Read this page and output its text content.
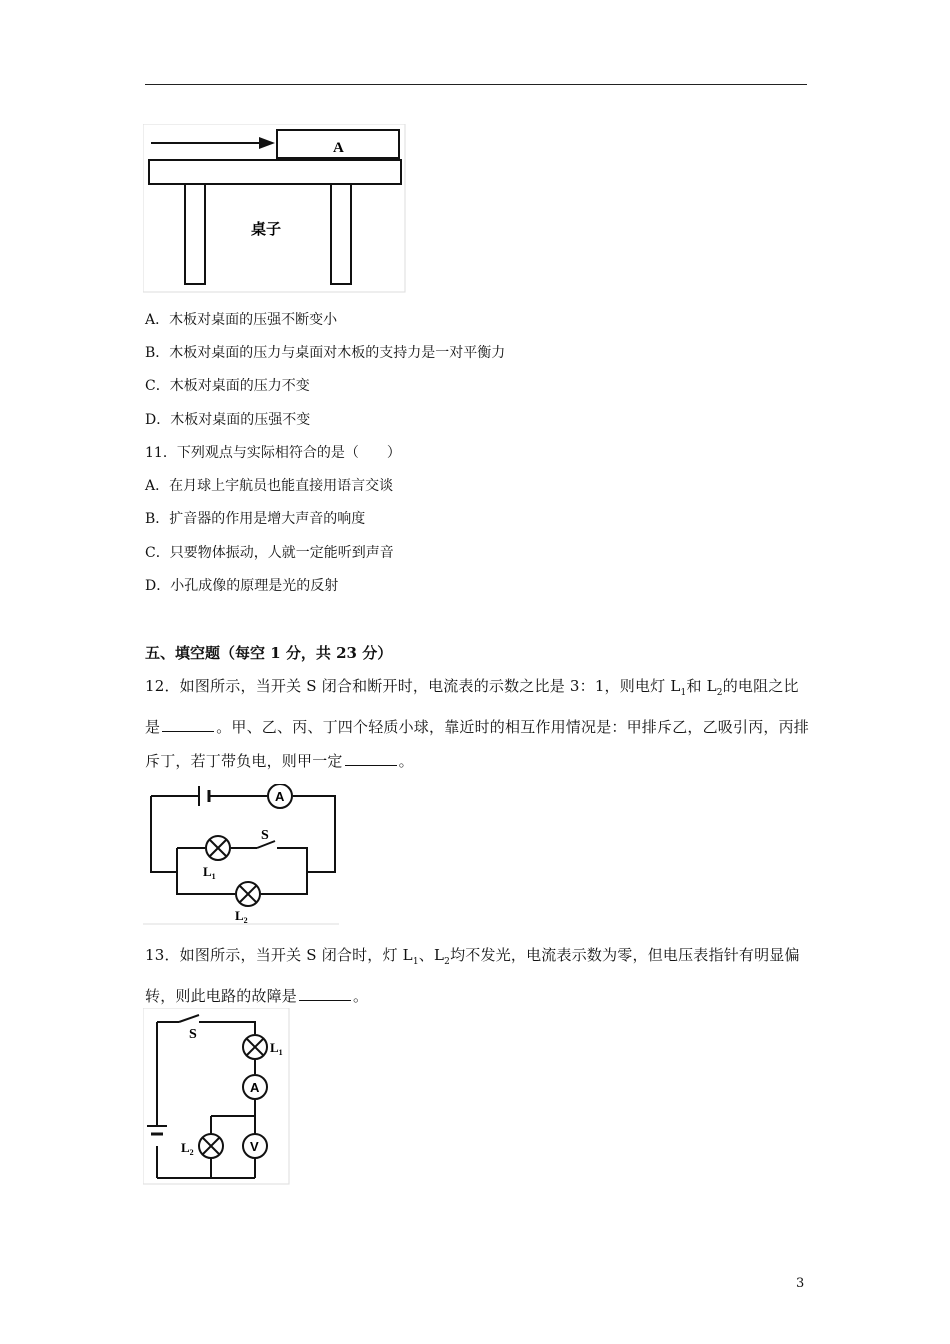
A
桌子
A．木板对桌面的压强不断变小
B．木板对桌面的压力与桌面对木板的支持力是一对平衡力
C．木板对桌面的压力不变
D．木板对桌面的压强不变
11．下列观点与实际相符合的是（　　）
A．在月球上宇航员也能直接用语言交谈
B．扩音器的作用是增大声音的响度
C．只要物体振动，人就一定能听到声音
D．小孔成像的原理是光的反射
五、填空题（每空 1 分，共 23 分）
12．如图所示，当开关 S 闭合和断开时，电流表的示数之比是 3：1，则电灯 $L_1$和 $L_2$的电阻之比是	。甲、乙、丙、丁四个轻质小球，靠近时的相互作用情况是：甲排斥乙，乙吸引丙，丙排斥丁，若丁带负电，则甲一定	。
A
S
$L_1$
$L_2$
13．如图所示，当开关 S 闭合时，灯 $L_1$、$L_2$均不发光，电流表示数为零，但电压表指针有明显偏转，则此电路的故障是	。
S
$L_1$
A
$L_2$	V
3
